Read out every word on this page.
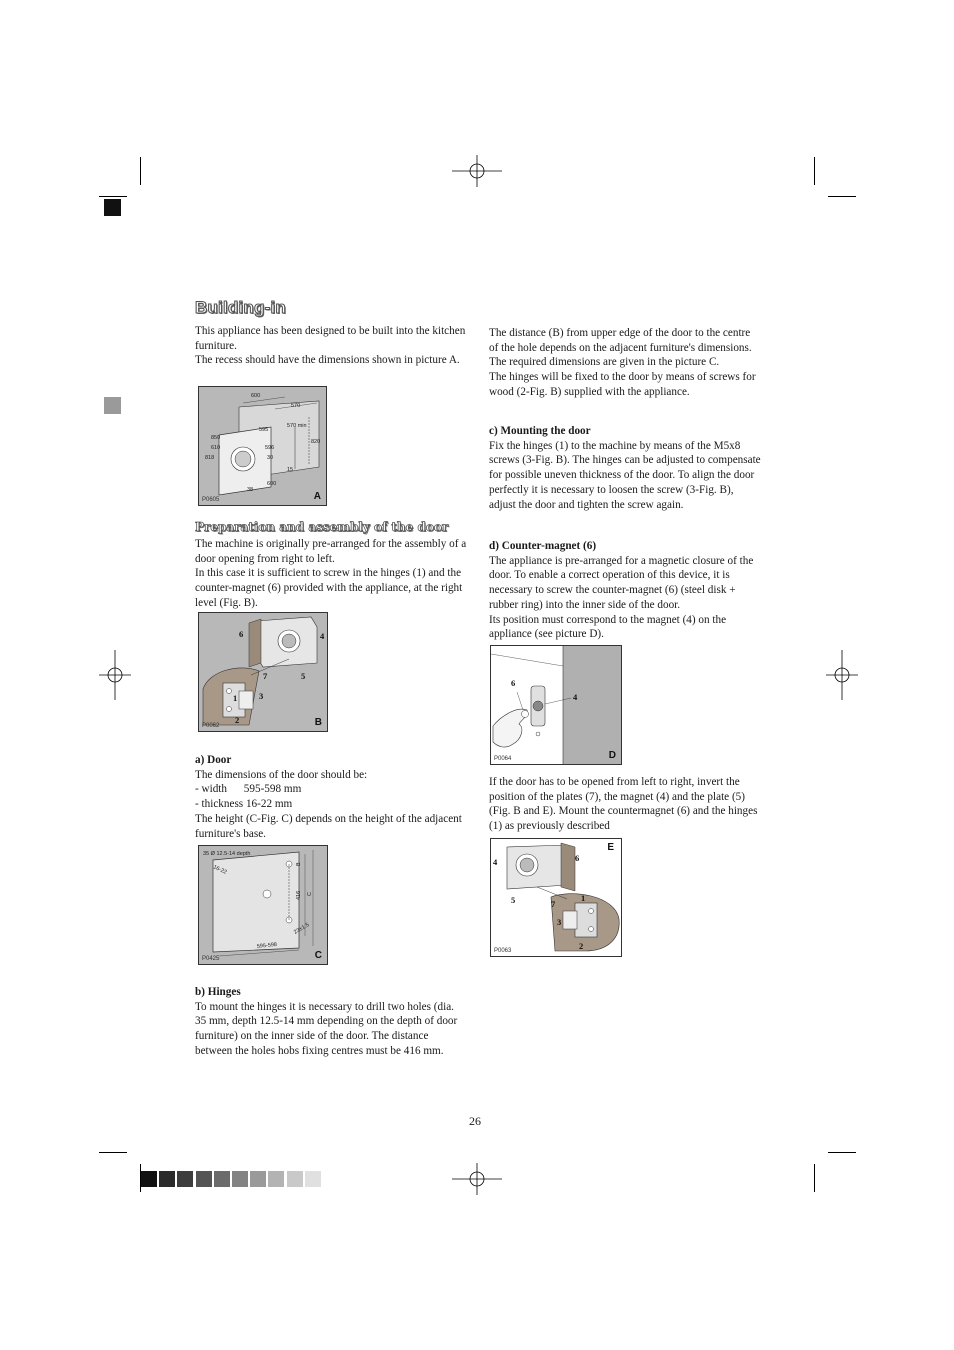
Building-in

This appliance has been designed to be built into the kitchen furniture.

The recess should have the dimensions shown in picture A.

600
570
595
570 min
820
596
818
610
850
15
38
30
600
P0605	A
Preparation and assembly of the door

The machine is originally pre-arranged for the assembly of a door opening from right to left.

In this case it is sufficient to screw in the hinges (1) and the counter-magnet (6) provided with the appliance, at the right level (Fig. B).

6	4
7	5
1	3
2
P0062	B

a) Door

The dimensions of the door should be:

- width      595-598 mm

- thickness 16-22 mm

The height (C-Fig. C) depends on the height of the adjacent furniture's base.

35 Ø 12.5-14 depth
16-22
416
B
C
595-598
23±1.5
P0425	C

b) Hinges

To mount the hinges it is necessary to drill two holes (dia. 35 mm, depth 12.5-14 mm depending on the depth of door furniture) on the inner side of the door. The distance between the holes hobs fixing centres must be 416 mm.

The distance (B) from upper edge of the door to the centre of the hole depends on the adjacent furniture's dimensions.

The required dimensions are given in the picture C.

The hinges will be fixed to the door by means of screws for wood (2-Fig. B) supplied with the appliance.

c) Mounting the door

Fix the hinges (1) to the machine by means of the M5x8 screws (3-Fig. B). The hinges can be adjusted to compensate for possible uneven thickness of the door. To align the door perfectly it is necessary to loosen the screw (3-Fig. B), adjust the door and tighten the screw again.

d) Counter-magnet (6)

The appliance is pre-arranged for a magnetic closure of the door. To enable a correct operation of this device, it is necessary to screw the counter-magnet (6) (steel disk + rubber ring) into the inner side of the door.

Its position must correspond to the magnet (4) on the appliance (see picture D).

6
4
P0064	D

If the door has to be opened from left to right, invert the position of the plates (7), the magnet (4) and the plate (5) (Fig. B and E). Mount the countermagnet (6) and the hinges (1) as previously described

4	6
5	1
7
3
2
P0063
E
26
